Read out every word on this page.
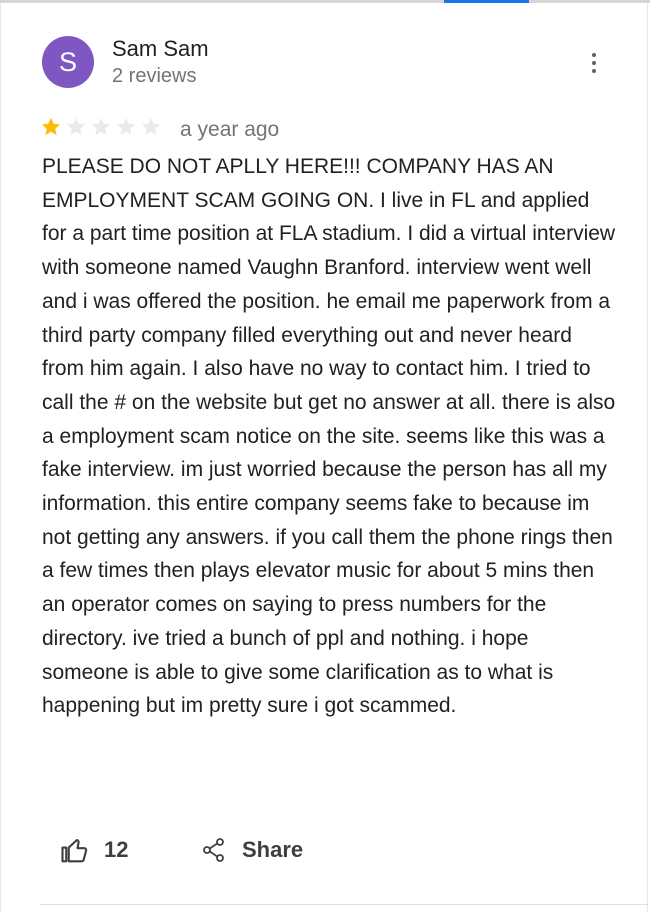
S	Sam Sam
2 reviews
a year ago

PLEASE DO NOT APLLY HERE!!! COMPANY HAS AN EMPLOYMENT SCAM GOING ON. I live in FL and applied for a part time position at FLA stadium. I did a virtual interview with someone named Vaughn Branford. interview went well and i was offered the position. he email me paperwork from a third party company filled everything out and never heard from him again. I also have no way to contact him. I tried to call the # on the website but get no answer at all. there is also a employment scam notice on the site. seems like this was a fake interview. im just worried because the person has all my information. this entire company seems fake to because im not getting any answers. if you call them the phone rings then a few times then plays elevator music for about 5 mins then an operator comes on saying to press numbers for the directory. ive tried a bunch of ppl and nothing. i hope someone is able to give some clarification as to what is happening but im pretty sure i got scammed.

12	Share
